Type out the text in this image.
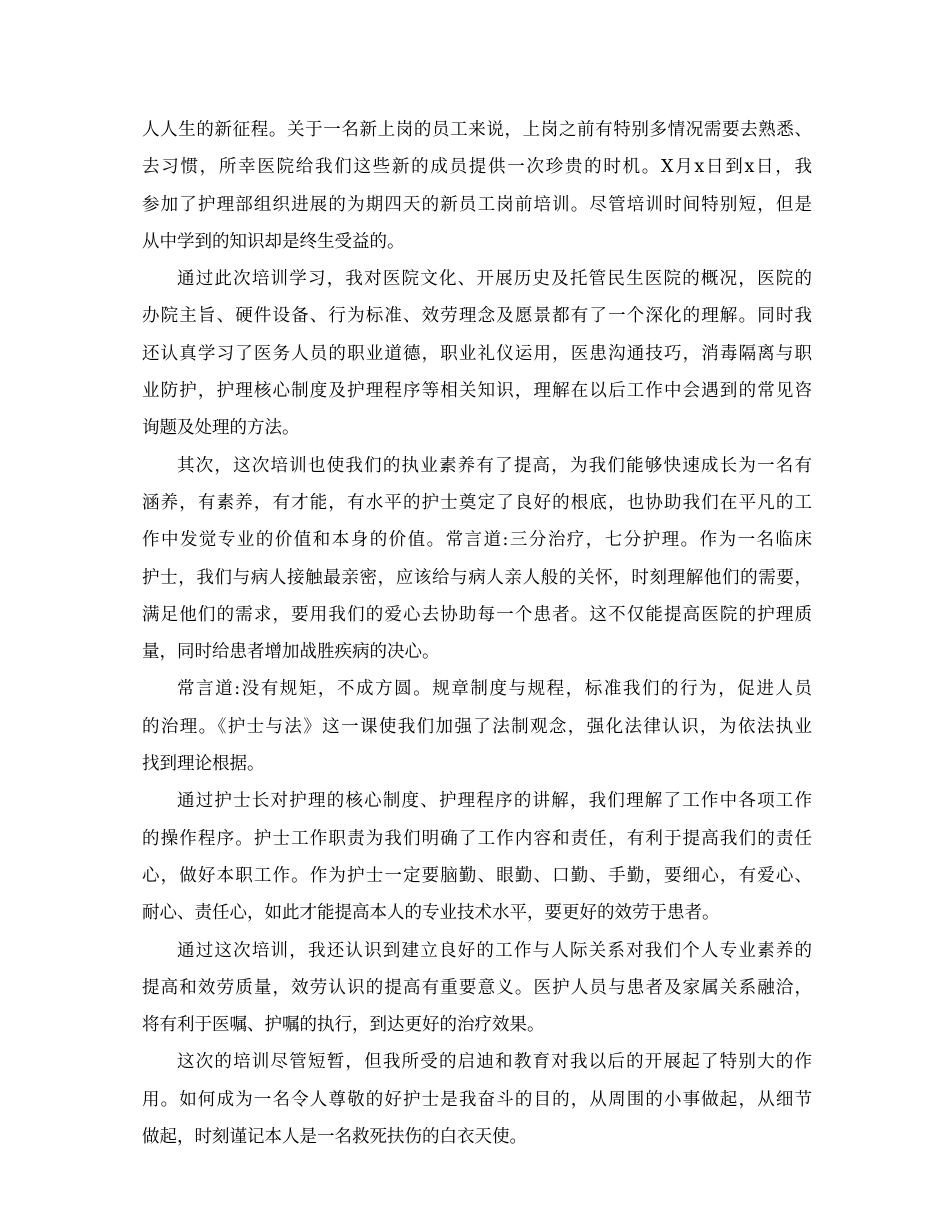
人人生的新征程。关于一名新上岗的员工来说，上岗之前有特别多情况需要去熟悉、
去习惯，所幸医院给我们这些新的成员提供一次珍贵的时机。X月x日到x日，我
参加了护理部组织进展的为期四天的新员工岗前培训。尽管培训时间特别短，但是
从中学到的知识却是终生受益的。
通过此次培训学习，我对医院文化、开展历史及托管民生医院的概况，医院的
办院主旨、硬件设备、行为标准、效劳理念及愿景都有了一个深化的理解。同时我
还认真学习了医务人员的职业道德，职业礼仪运用，医患沟通技巧，消毒隔离与职
业防护，护理核心制度及护理程序等相关知识，理解在以后工作中会遇到的常见咨
询题及处理的方法。
其次，这次培训也使我们的执业素养有了提高，为我们能够快速成长为一名有
涵养，有素养，有才能，有水平的护士奠定了良好的根底，也协助我们在平凡的工
作中发觉专业的价值和本身的价值。常言道:三分治疗，七分护理。作为一名临床
护士，我们与病人接触最亲密，应该给与病人亲人般的关怀，时刻理解他们的需要，
满足他们的需求，要用我们的爱心去协助每一个患者。这不仅能提高医院的护理质
量，同时给患者增加战胜疾病的决心。
常言道:没有规矩，不成方圆。规章制度与规程，标准我们的行为，促进人员
的治理。《护士与法》这一课使我们加强了法制观念，强化法律认识，为依法执业
找到理论根据。
通过护士长对护理的核心制度、护理程序的讲解，我们理解了工作中各项工作
的操作程序。护士工作职责为我们明确了工作内容和责任，有利于提高我们的责任
心，做好本职工作。作为护士一定要脑勤、眼勤、口勤、手勤，要细心，有爱心、
耐心、责任心，如此才能提高本人的专业技术水平，要更好的效劳于患者。
通过这次培训，我还认识到建立良好的工作与人际关系对我们个人专业素养的
提高和效劳质量，效劳认识的提高有重要意义。医护人员与患者及家属关系融洽，
将有利于医嘱、护嘱的执行，到达更好的治疗效果。
这次的培训尽管短暂，但我所受的启迪和教育对我以后的开展起了特别大的作
用。如何成为一名令人尊敬的好护士是我奋斗的目的，从周围的小事做起，从细节
做起，时刻谨记本人是一名救死扶伤的白衣天使。
